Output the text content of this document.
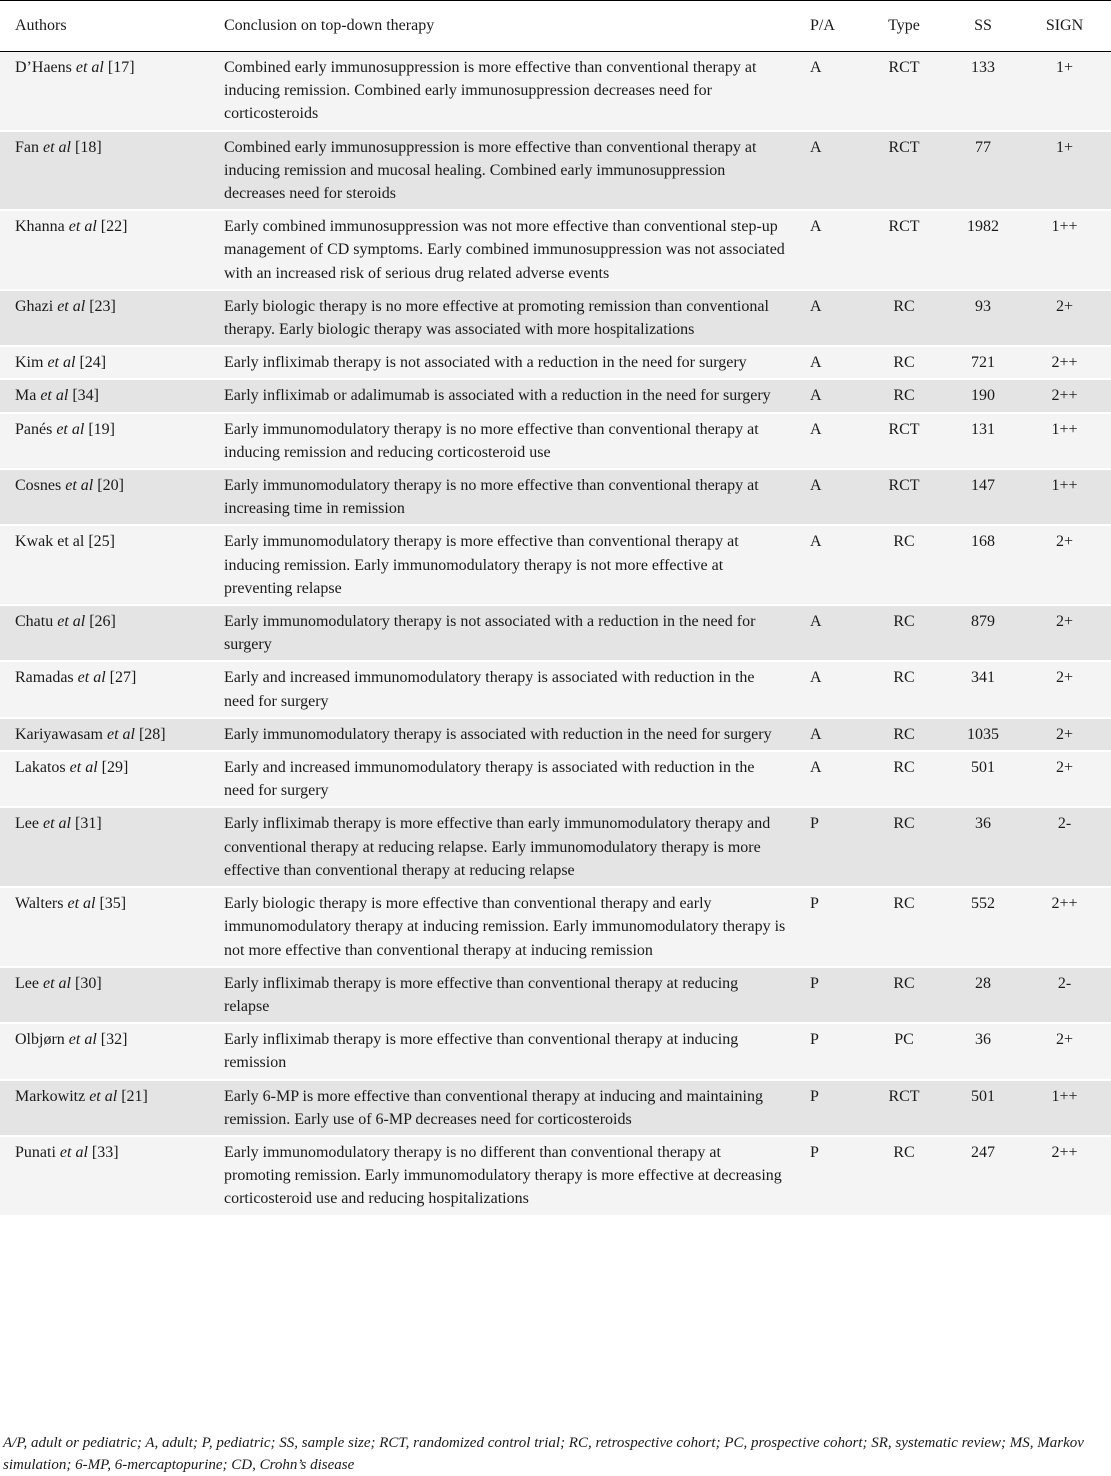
Authors	Conclusion on top-down therapy	P/A	Type	SS	SIGN
D’Haens et al [17]	Combined early immunosuppression is more effective than conventional therapy at inducing remission. Combined early immunosuppression decreases need for corticosteroids	A	RCT	133	1+
Fan et al [18]	Combined early immunosuppression is more effective than conventional therapy at inducing remission and mucosal healing. Combined early immunosuppression decreases need for steroids	A	RCT	77	1+
Khanna et al [22]	Early combined immunosuppression was not more effective than conventional step-up management of CD symptoms. Early combined immunosuppression was not associated with an increased risk of serious drug related adverse events	A	RCT	1982	1++
Ghazi et al [23]	Early biologic therapy is no more effective at promoting remission than conventional therapy. Early biologic therapy was associated with more hospitalizations	A	RC	93	2+
Kim et al [24]	Early infliximab therapy is not associated with a reduction in the need for surgery	A	RC	721	2++
Ma et al [34]	Early infliximab or adalimumab is associated with a reduction in the need for surgery	A	RC	190	2++
Panés et al [19]	Early immunomodulatory therapy is no more effective than conventional therapy at inducing remission and reducing corticosteroid use	A	RCT	131	1++
Cosnes et al [20]	Early immunomodulatory therapy is no more effective than conventional therapy at increasing time in remission	A	RCT	147	1++
Kwak et al [25]	Early immunomodulatory therapy is more effective than conventional therapy at inducing remission. Early immunomodulatory therapy is not more effective at preventing relapse	A	RC	168	2+
Chatu et al [26]	Early immunomodulatory therapy is not associated with a reduction in the need for surgery	A	RC	879	2+
Ramadas et al [27]	Early and increased immunomodulatory therapy is associated with reduction in the need for surgery	A	RC	341	2+
Kariyawasam et al [28]	Early immunomodulatory therapy is associated with reduction in the need for surgery	A	RC	1035	2+
Lakatos et al [29]	Early and increased immunomodulatory therapy is associated with reduction in the need for surgery	A	RC	501	2+
Lee et al [31]	Early infliximab therapy is more effective than early immunomodulatory therapy and conventional therapy at reducing relapse. Early immunomodulatory therapy is more effective than conventional therapy at reducing relapse	P	RC	36	2-
Walters et al [35]	Early biologic therapy is more effective than conventional therapy and early immunomodulatory therapy at inducing remission. Early immunomodulatory therapy is not more effective than conventional therapy at inducing remission	P	RC	552	2++
Lee et al [30]	Early infliximab therapy is more effective than conventional therapy at reducing relapse	P	RC	28	2-
Olbjørn et al [32]	Early infliximab therapy is more effective than conventional therapy at inducing remission	P	PC	36	2+
Markowitz et al [21]	Early 6-MP is more effective than conventional therapy at inducing and maintaining remission. Early use of 6-MP decreases need for corticosteroids	P	RCT	501	1++
Punati et al [33]	Early immunomodulatory therapy is no different than conventional therapy at promoting remission. Early immunomodulatory therapy is more effective at decreasing corticosteroid use and reducing hospitalizations	P	RC	247	2++
A/P, adult or pediatric; A, adult; P, pediatric; SS, sample size; RCT, randomized control trial; RC, retrospective cohort; PC, prospective cohort; SR, systematic review; MS, Markov simulation; 6-MP, 6-mercaptopurine; CD, Crohn’s disease
